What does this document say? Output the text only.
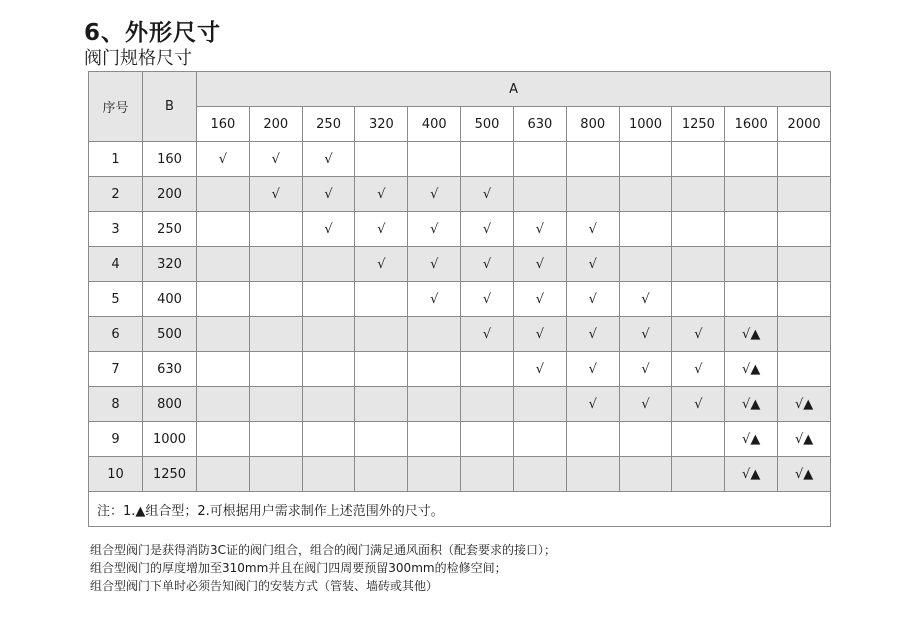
6、外形尺寸
阀门规格尺寸
序号	B	A											
		160	200	250	320	400	500	630	800	1000	1250	1600	2000
1	160	√	√	√									
2	200		√	√	√	√	√						
3	250			√	√	√	√	√	√				
4	320				√	√	√	√	√				
5	400					√	√	√	√	√			
6	500						√	√	√	√	√	√▲	
7	630							√	√	√	√	√▲	
8	800								√	√	√	√▲	√▲
9	1000											√▲	√▲
10	1250											√▲	√▲
注：1.▲组合型；2.可根据用户需求制作上述范围外的尺寸。													
组合型阀门是获得消防3C证的阀门组合，组合的阀门满足通风面积（配套要求的接口）；
组合型阀门的厚度增加至310mm并且在阀门四周要预留300mm的检修空间；
组合型阀门下单时必须告知阀门的安装方式（管装、墙砖或其他）
